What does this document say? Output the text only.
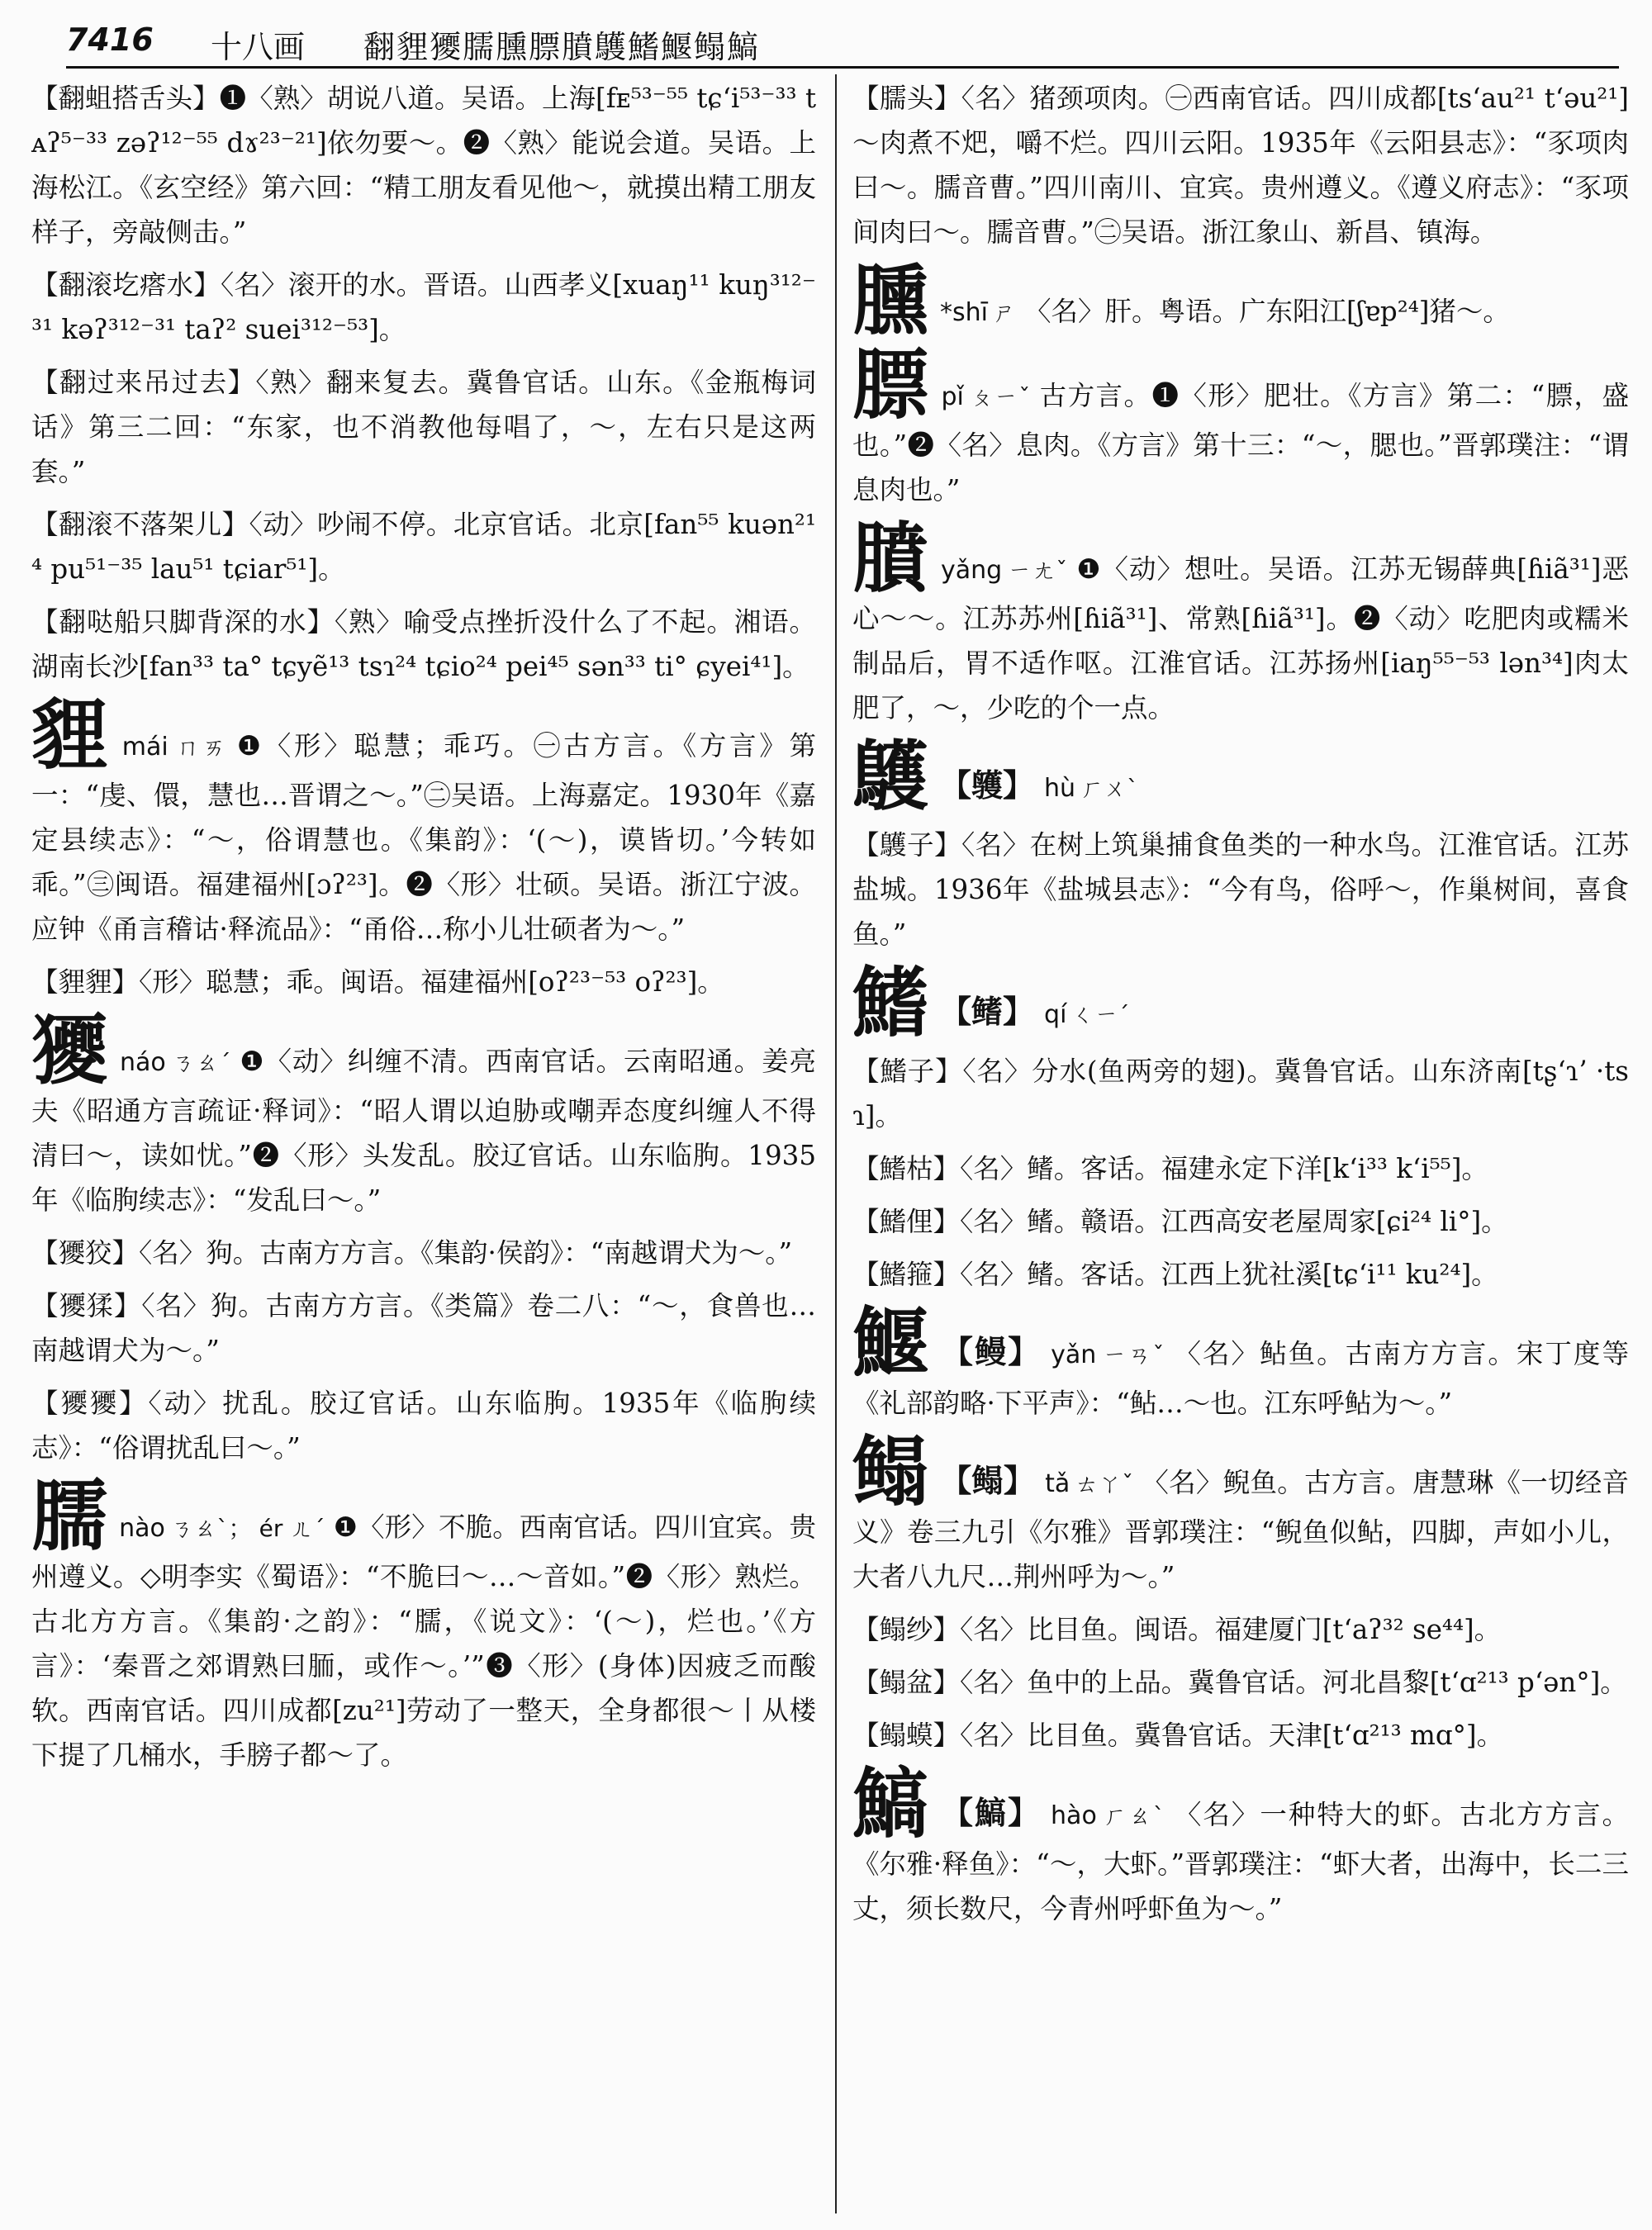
7416 十八画 翻貍獿臑臐膘膹鸌鰭鰋鳎鰝
【翻蛆搭舌头】❶〈熟〉胡说八道。吴语。上海[fᴇ⁵³⁻⁵⁵ tɕʻi⁵³⁻³³ tᴀʔ⁵⁻³³ zəʔ¹²⁻⁵⁵ dɤ²³⁻²¹]依勿要～。❷〈熟〉能说会道。吴语。上海松江。《玄空经》第六回：“精工朋友看见他～，就摸出精工朋友样子，旁敲侧击。”
【翻滚圪瘩水】〈名〉滚开的水。晋语。山西孝义[xuaŋ¹¹ kuŋ³¹²⁻³¹ kəʔ³¹²⁻³¹ taʔ² suei³¹²⁻⁵³]。
【翻过来吊过去】〈熟〉翻来复去。冀鲁官话。山东。《金瓶梅词话》第三二回：“东家，也不消教他每唱了，～，左右只是这两套。”
【翻滚不落架儿】〈动〉吵闹不停。北京官话。北京[fan⁵⁵ kuən²¹⁴ pu⁵¹⁻³⁵ lau⁵¹ tɕiar⁵¹]。
【翻哒船只脚背深的水】〈熟〉喻受点挫折没什么了不起。湘语。湖南长沙[fan³³ ta° tɕyẽ¹³ tsɿ²⁴ tɕio²⁴ pei⁴⁵ sən³³ ti° ɕyei⁴¹]。
貍mái ㄇㄞ ❶〈形〉聪慧；乖巧。㊀古方言。《方言》第一：“虔、儇，慧也…晋谓之～。”㊁吴语。上海嘉定。1930年《嘉定县续志》：“～，俗谓慧也。《集韵》：‘(～)，谟皆切。’今转如乖。”㊂闽语。福建福州[ɔʔ²³]。❷〈形〉壮硕。吴语。浙江宁波。应钟《甬言稽诂·释流品》：“甬俗…称小儿壮硕者为～。”
【貍貍】〈形〉聪慧；乖。闽语。福建福州[oʔ²³⁻⁵³ oʔ²³]。
獿náo ㄋㄠˊ ❶〈动〉纠缠不清。西南官话。云南昭通。姜亮夫《昭通方言疏证·释词》：“昭人谓以迫胁或嘲弄态度纠缠人不得清曰～，读如忧。”❷〈形〉头发乱。胶辽官话。山东临朐。1935年《临朐续志》：“发乱曰～。”
【獿狡】〈名〉狗。古南方方言。《集韵·侯韵》：“南越谓犬为～。”
【獿猱】〈名〉狗。古南方方言。《类篇》卷二八：“～，食兽也…南越谓犬为～。”
【獿獿】〈动〉扰乱。胶辽官话。山东临朐。1935年《临朐续志》：“俗谓扰乱曰～。”
臑nào ㄋㄠˋ； ér ㄦˊ ❶〈形〉不脆。西南官话。四川宜宾。贵州遵义。◇明李实《蜀语》：“不脆曰～…～音如。”❷〈形〉熟烂。古北方方言。《集韵·之韵》：“臑，《说文》：‘(～)，烂也。’《方言》：‘秦晋之郊谓熟曰胹，或作～。’”❸〈形〉(身体)因疲乏而酸软。西南官话。四川成都[zu²¹]劳动了一整天，全身都很～丨从楼下提了几桶水，手膀子都～了。
【臑头】〈名〉猪颈项肉。㊀西南官话。四川成都[tsʻau²¹ tʻəu²¹]～肉煮不𤆵，嚼不烂。四川云阳。1935年《云阳县志》：“豕项肉曰～。臑音曹。”四川南川、宜宾。贵州遵义。《遵义府志》：“豕项间肉曰～。臑音曹。”㊁吴语。浙江象山、新昌、镇海。
臐 *shī ㄕ 〈名〉肝。粤语。广东阳江[ʃɐp²⁴]猪～。
膘pǐ ㄆㄧˇ 古方言。❶〈形〉肥壮。《方言》第二：“膘，盛也。”❷〈名〉息肉。《方言》第十三：“～，腮也。”晋郭璞注：“谓息肉也。”
膹yǎng ㄧㄤˇ ❶〈动〉想吐。吴语。江苏无锡薛典[ɦiã³¹]恶心～～。江苏苏州[ɦiã³¹]、常熟[ɦiã³¹]。❷〈动〉吃肥肉或糯米制品后，胃不适作呕。江淮官话。江苏扬州[iaŋ⁵⁵⁻⁵³ lən³⁴]肉太肥了，～，少吃的个一点。
鸌 【鹱】 hù ㄏㄨˋ
【鸌子】〈名〉在树上筑巢捕食鱼类的一种水鸟。江淮官话。江苏盐城。1936年《盐城县志》：“今有鸟，俗呼～，作巢树间，喜食鱼。”
鰭 【鳍】 qí ㄑㄧˊ
【鰭子】〈名〉分水(鱼两旁的翅)。冀鲁官话。山东济南[tʂʻɿʼ ·tsɿ]。
【鰭枯】〈名〉鳍。客话。福建永定下洋[kʻi³³ kʻi⁵⁵]。
【鰭俚】〈名〉鳍。赣语。江西高安老屋周家[ɕi²⁴ li°]。
【鰭箍】〈名〉鳍。客话。江西上犹社溪[tɕʻi¹¹ ku²⁴]。
鰋 【鳗】 yǎn ㄧㄢˇ 〈名〉鲇鱼。古南方方言。宋丁度等《礼部韵略·下平声》：“鲇…～也。江东呼鲇为～。”
鳎 【鳎】 tǎ ㄊㄚˇ 〈名〉鲵鱼。古方言。唐慧琳《一切经音义》卷三九引《尔雅》晋郭璞注：“鲵鱼似鲇，四脚，声如小儿，大者八九尺…荆州呼为～。”
【鳎纱】〈名〉比目鱼。闽语。福建厦门[tʻaʔ³² se⁴⁴]。
【鳎盆】〈名〉鱼中的上品。冀鲁官话。河北昌黎[tʻɑ²¹³ pʻən°]。
【鳎蟆】〈名〉比目鱼。冀鲁官话。天津[tʻɑ²¹³ mɑ°]。
鰝 【鰝】 hào ㄏㄠˋ 〈名〉一种特大的虾。古北方方言。《尔雅·释鱼》：“～，大虾。”晋郭璞注：“虾大者，出海中，长二三丈，须长数尺，今青州呼虾鱼为～。”
